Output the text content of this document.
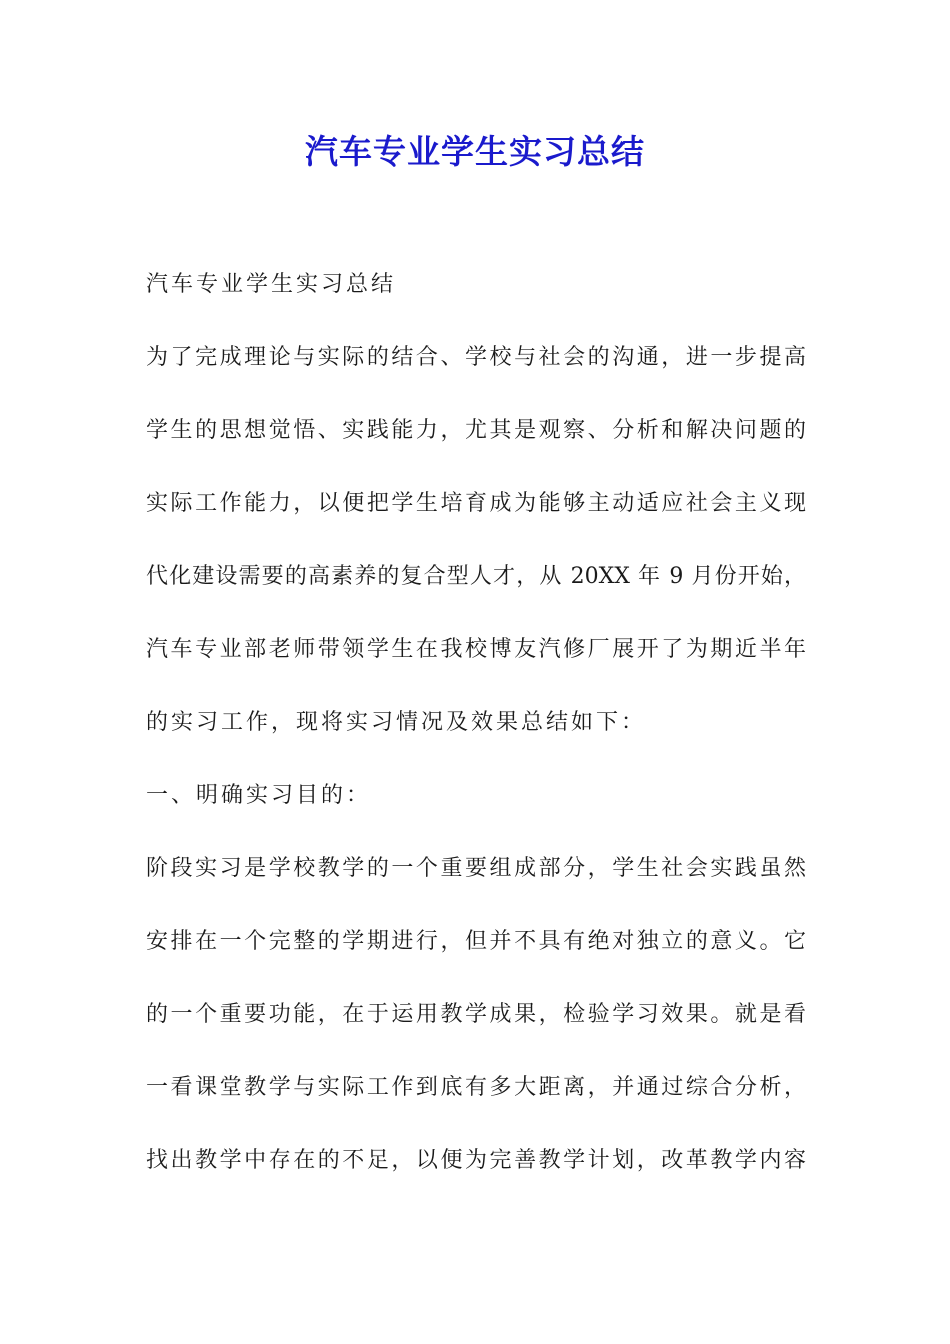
汽车专业学生实习总结
汽车专业学生实习总结
为了完成理论与实际的结合、学校与社会的沟通，进一步提高
学生的思想觉悟、实践能力，尤其是观察、分析和解决问题的
实际工作能力，以便把学生培育成为能够主动适应社会主义现
代化建设需要的高素养的复合型人才，从 20XX 年 9 月份开始，
汽车专业部老师带领学生在我校博友汽修厂展开了为期近半年
的实习工作，现将实习情况及效果总结如下：
一、明确实习目的：
阶段实习是学校教学的一个重要组成部分，学生社会实践虽然
安排在一个完整的学期进行，但并不具有绝对独立的意义。它
的一个重要功能，在于运用教学成果，检验学习效果。就是看
一看课堂教学与实际工作到底有多大距离，并通过综合分析，
找出教学中存在的不足，以便为完善教学计划，改革教学内容
